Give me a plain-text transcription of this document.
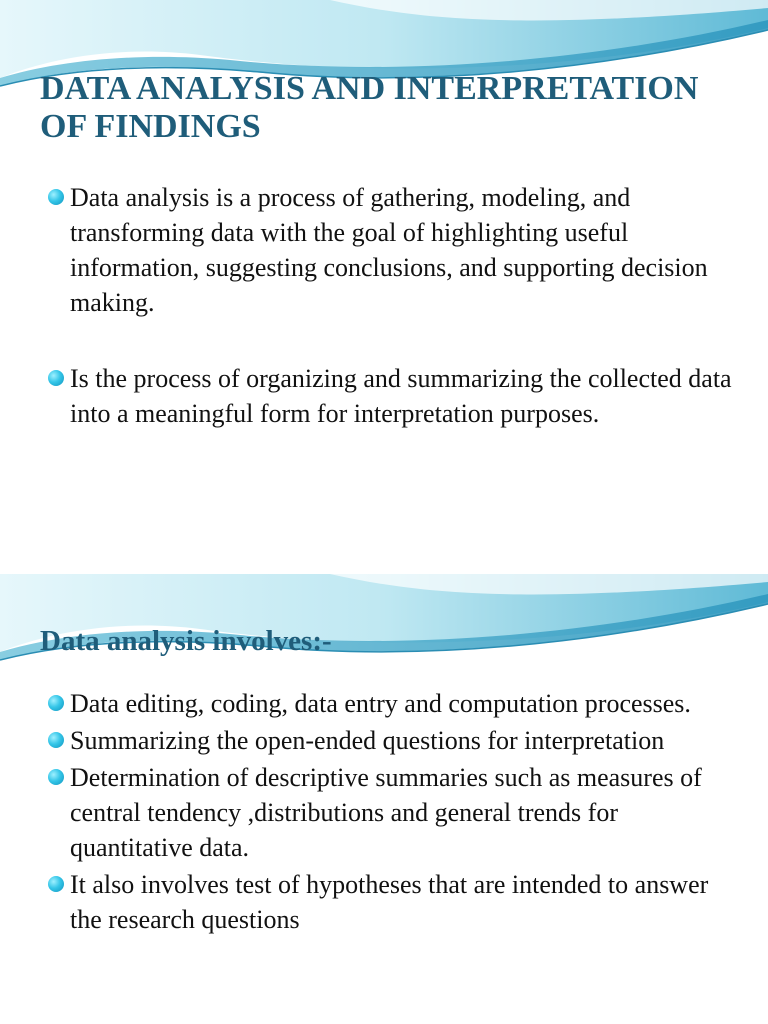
DATA ANALYSIS AND INTERPRETATION OF FINDINGS
Data analysis is a process of gathering, modeling, and transforming data with the goal of highlighting useful information, suggesting conclusions, and supporting decision making.
Is the process of organizing and summarizing the collected data into a meaningful form for interpretation purposes.
Data analysis involves:-
Data editing, coding, data entry and computation processes.
Summarizing the open-ended questions for interpretation
Determination of descriptive summaries such as measures of central tendency ,distributions and general trends for quantitative data.
It also involves test of hypotheses that are intended to answer the research questions
